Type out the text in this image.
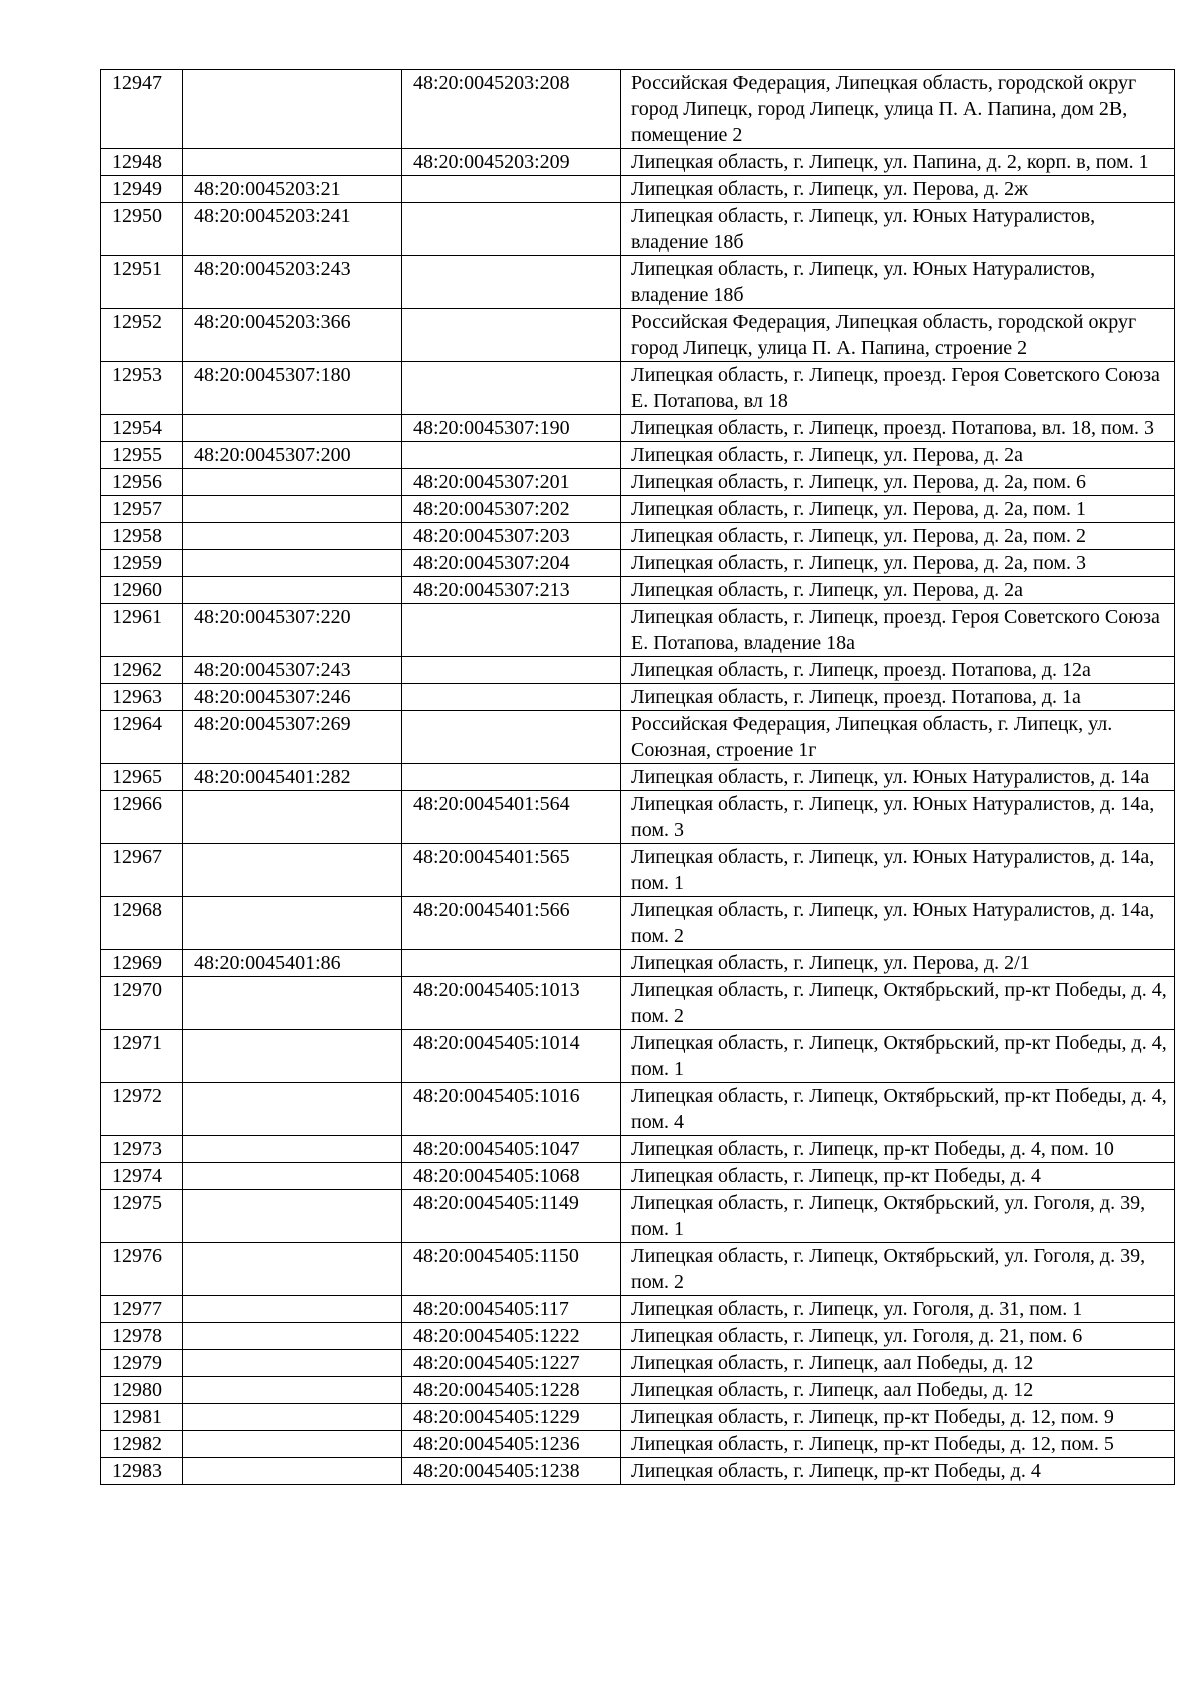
12947		48:20:0045203:208	Российская Федерация, Липецкая область, городской округ город Липецк, город Липецк, улица П. А. Папина, дом 2В, помещение 2
12948		48:20:0045203:209	Липецкая область, г. Липецк, ул. Папина, д. 2, корп. в, пом. 1
12949	48:20:0045203:21		Липецкая область, г. Липецк, ул. Перова, д. 2ж
12950	48:20:0045203:241		Липецкая область, г. Липецк, ул. Юных Натуралистов, владение 18б
12951	48:20:0045203:243		Липецкая область, г. Липецк, ул. Юных Натуралистов, владение 18б
12952	48:20:0045203:366		Российская Федерация, Липецкая область, городской округ город Липецк, улица П. А. Папина, строение 2
12953	48:20:0045307:180		Липецкая область, г. Липецк, проезд. Героя Советского Союза Е. Потапова, вл 18
12954		48:20:0045307:190	Липецкая область, г. Липецк, проезд. Потапова, вл. 18, пом. 3
12955	48:20:0045307:200		Липецкая область, г. Липецк, ул. Перова, д. 2а
12956		48:20:0045307:201	Липецкая область, г. Липецк, ул. Перова, д. 2а, пом. 6
12957		48:20:0045307:202	Липецкая область, г. Липецк, ул. Перова, д. 2а, пом. 1
12958		48:20:0045307:203	Липецкая область, г. Липецк, ул. Перова, д. 2а, пом. 2
12959		48:20:0045307:204	Липецкая область, г. Липецк, ул. Перова, д. 2а, пом. 3
12960		48:20:0045307:213	Липецкая область, г. Липецк, ул. Перова, д. 2а
12961	48:20:0045307:220		Липецкая область, г. Липецк, проезд. Героя Советского Союза Е. Потапова, владение 18а
12962	48:20:0045307:243		Липецкая область, г. Липецк, проезд. Потапова, д. 12а
12963	48:20:0045307:246		Липецкая область, г. Липецк, проезд. Потапова, д. 1а
12964	48:20:0045307:269		Российская Федерация, Липецкая область, г. Липецк, ул. Союзная, строение 1г
12965	48:20:0045401:282		Липецкая область, г. Липецк, ул. Юных Натуралистов, д. 14а
12966		48:20:0045401:564	Липецкая область, г. Липецк, ул. Юных Натуралистов, д. 14а, пом. 3
12967		48:20:0045401:565	Липецкая область, г. Липецк, ул. Юных Натуралистов, д. 14а, пом. 1
12968		48:20:0045401:566	Липецкая область, г. Липецк, ул. Юных Натуралистов, д. 14а, пом. 2
12969	48:20:0045401:86		Липецкая область, г. Липецк, ул. Перова, д. 2/1
12970		48:20:0045405:1013	Липецкая область, г. Липецк, Октябрьский, пр-кт Победы, д. 4, пом. 2
12971		48:20:0045405:1014	Липецкая область, г. Липецк, Октябрьский, пр-кт Победы, д. 4, пом. 1
12972		48:20:0045405:1016	Липецкая область, г. Липецк, Октябрьский, пр-кт Победы, д. 4, пом. 4
12973		48:20:0045405:1047	Липецкая область, г. Липецк, пр-кт Победы, д. 4, пом. 10
12974		48:20:0045405:1068	Липецкая область, г. Липецк, пр-кт Победы, д. 4
12975		48:20:0045405:1149	Липецкая область, г. Липецк, Октябрьский, ул. Гоголя, д. 39, пом. 1
12976		48:20:0045405:1150	Липецкая область, г. Липецк, Октябрьский, ул. Гоголя, д. 39, пом. 2
12977		48:20:0045405:117	Липецкая область, г. Липецк, ул. Гоголя, д. 31, пом. 1
12978		48:20:0045405:1222	Липецкая область, г. Липецк, ул. Гоголя, д. 21, пом. 6
12979		48:20:0045405:1227	Липецкая область, г. Липецк, аал Победы, д. 12
12980		48:20:0045405:1228	Липецкая область, г. Липецк, аал Победы, д. 12
12981		48:20:0045405:1229	Липецкая область, г. Липецк, пр-кт Победы, д. 12, пом. 9
12982		48:20:0045405:1236	Липецкая область, г. Липецк, пр-кт Победы, д. 12, пом. 5
12983		48:20:0045405:1238	Липецкая область, г. Липецк, пр-кт Победы, д. 4
